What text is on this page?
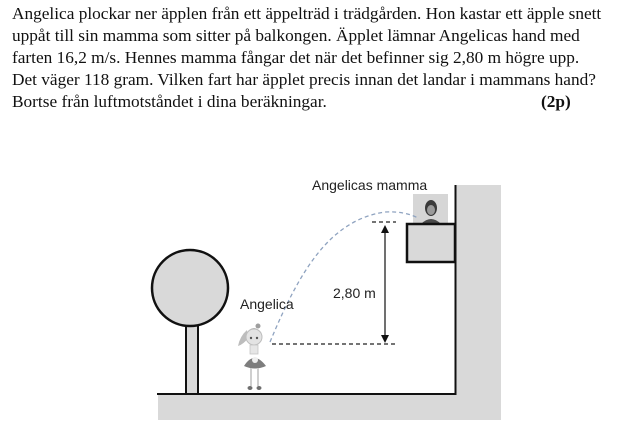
Angelica plockar ner äpplen från ett äppelträd i trädgården. Hon kastar ett äpple snett
uppåt till sin mamma som sitter på balkongen. Äpplet lämnar Angelicas hand med
farten 16,2 m/s. Hennes mamma fångar det när det befinner sig 2,80 m högre upp.
Det väger 118 gram. Vilken fart har äpplet precis innan det landar i mammans hand?
Bortse från luftmotståndet i dina beräkningar.	(2p)
Angelicas mamma
Angelica
2,80 m
